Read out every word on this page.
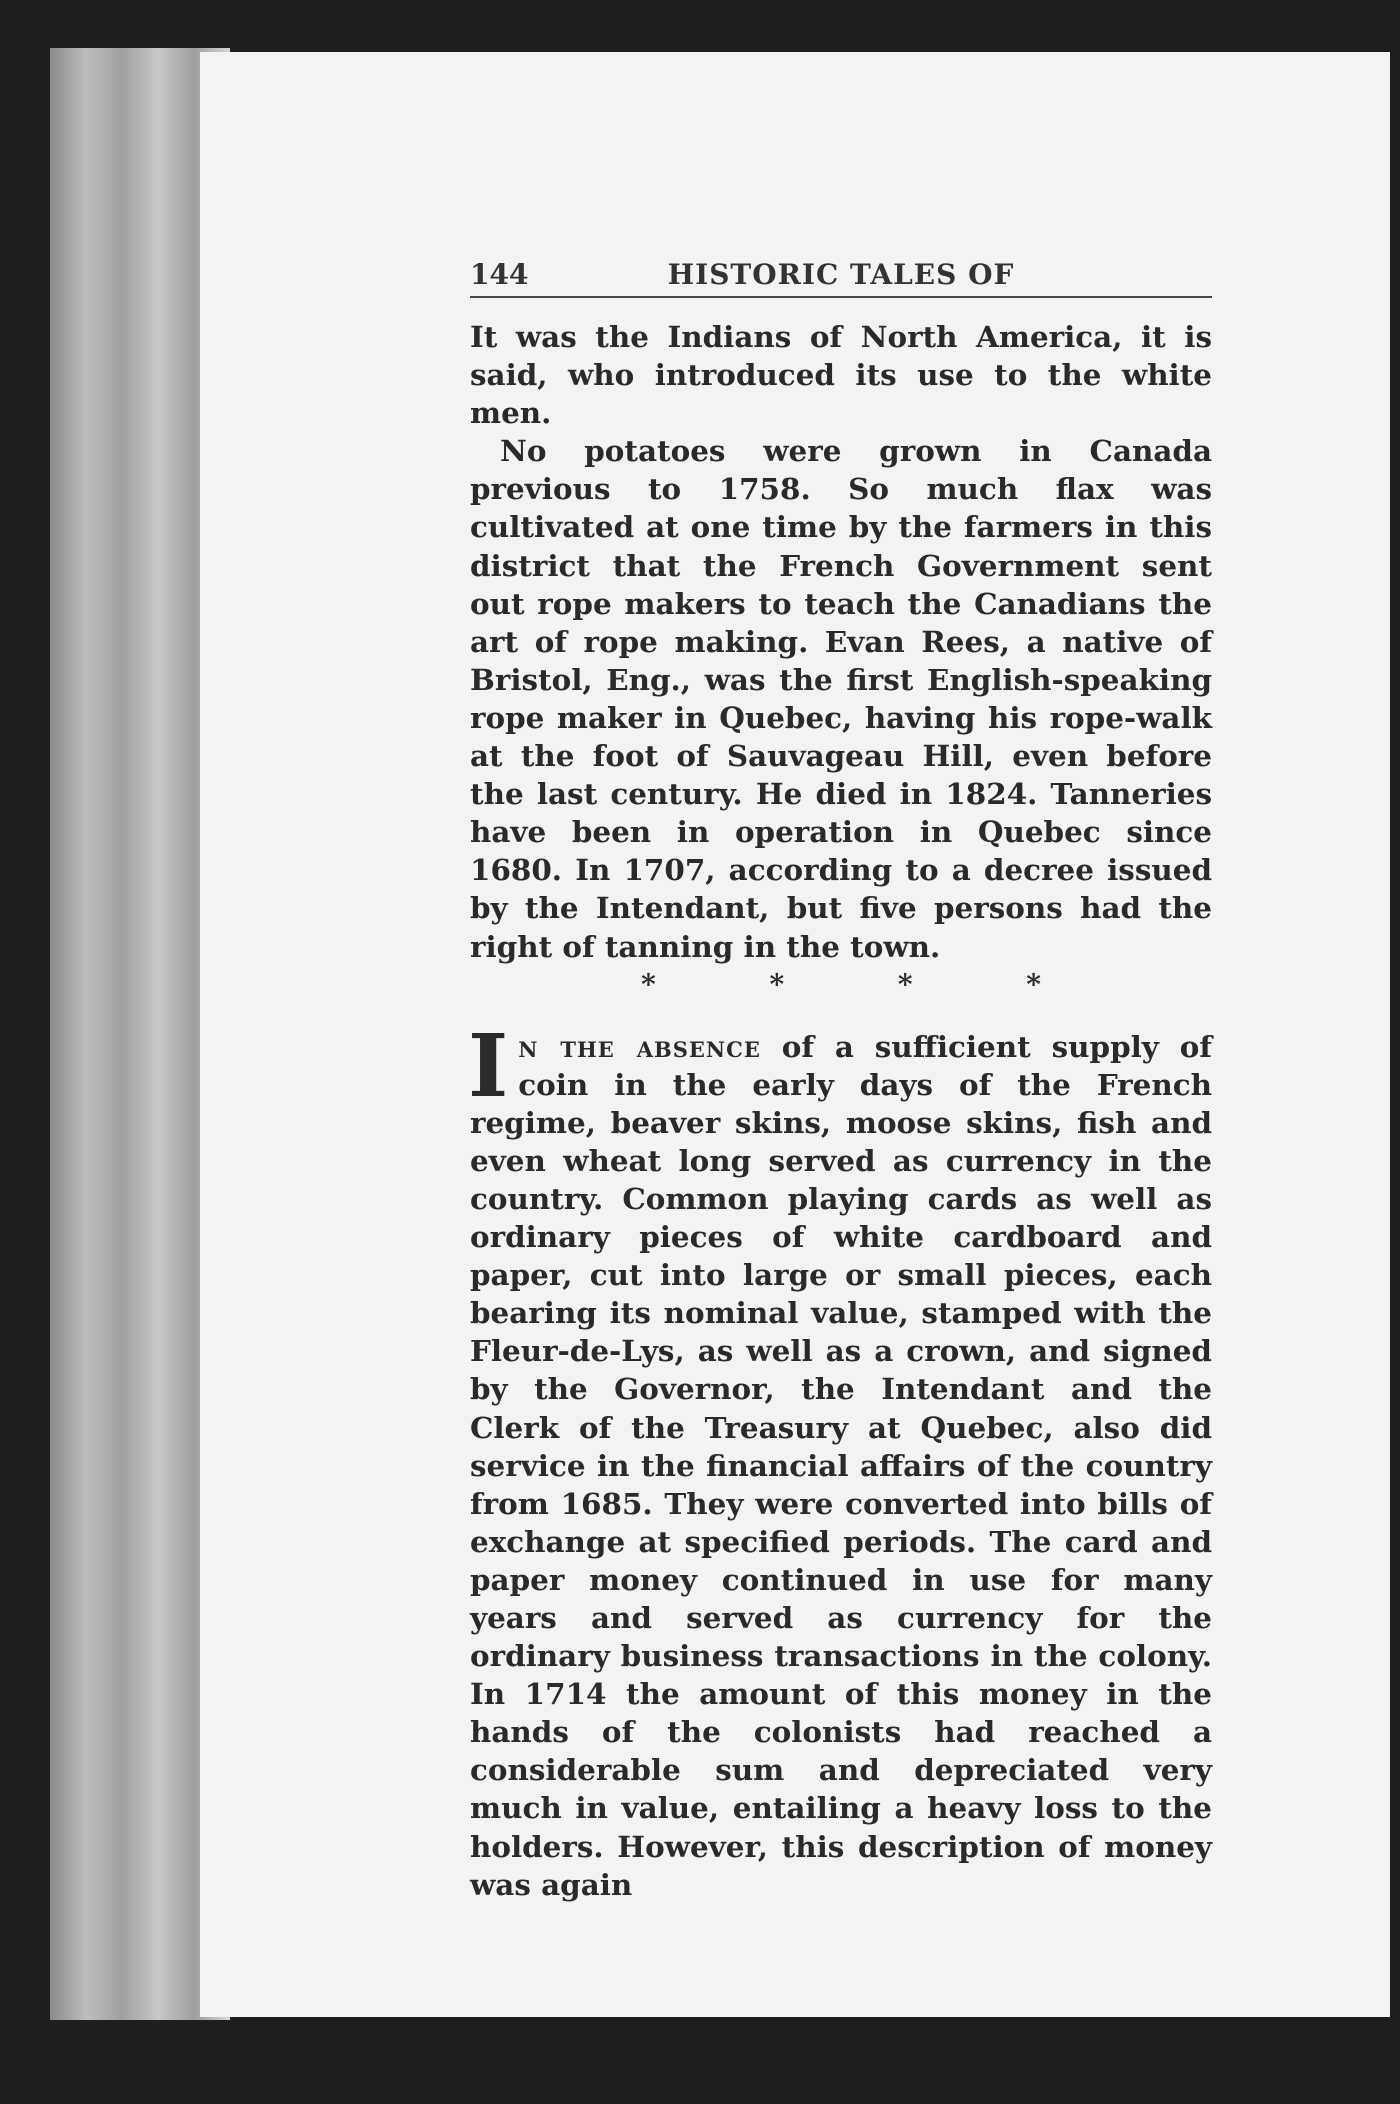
144	HISTORIC TALES OF

It was the Indians of North America, it is said, who introduced its use to the white men.

No potatoes were grown in Canada previous to 1758. So much flax was cultivated at one time by the farmers in this district that the French Government sent out rope makers to teach the Canadians the art of rope making. Evan Rees, a native of Bristol, Eng., was the first English-speaking rope maker in Quebec, having his rope-walk at the foot of Sauvageau Hill, even before the last century. He died in 1824. Tanneries have been in operation in Quebec since 1680. In 1707, according to a decree issued by the Intendant, but five persons had the right of tanning in the town.

* * * *

In the absence of a sufficient supply of coin in the early days of the French regime, beaver skins, moose skins, fish and even wheat long served as currency in the country. Common playing cards as well as ordinary pieces of white cardboard and paper, cut into large or small pieces, each bearing its nominal value, stamped with the Fleur-de-Lys, as well as a crown, and signed by the Governor, the Intendant and the Clerk of the Treasury at Quebec, also did service in the financial affairs of the country from 1685. They were converted into bills of exchange at specified periods. The card and paper money continued in use for many years and served as currency for the ordinary business transactions in the colony. In 1714 the amount of this money in the hands of the colonists had reached a considerable sum and depreciated very much in value, entailing a heavy loss to the holders. However, this description of money was again
